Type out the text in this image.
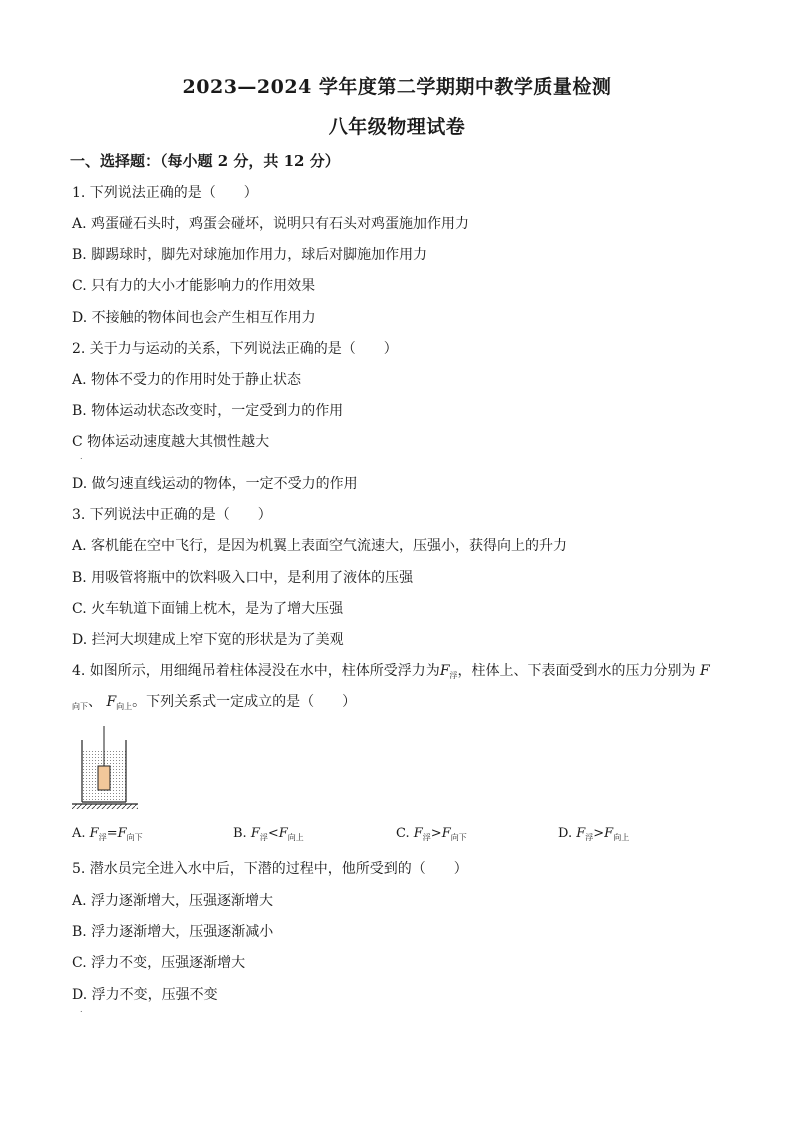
2023—2024 学年度第二学期期中教学质量检测
八年级物理试卷
一、选择题：（每小题 2 分，共 12 分）
1. 下列说法正确的是（　　）
A. 鸡蛋碰石头时，鸡蛋会碰坏，说明只有石头对鸡蛋施加作用力
B. 脚踢球时，脚先对球施加作用力，球后对脚施加作用力
C. 只有力的大小才能影响力的作用效果
D. 不接触的物体间也会产生相互作用力
2. 关于力与运动的关系，下列说法正确的是（　　）
A. 物体不受力的作用时处于静止状态
B. 物体运动状态改变时，一定受到力的作用
C 物体运动速度越大其惯性越大
.
D. 做匀速直线运动的物体，一定不受力的作用
3. 下列说法中正确的是（　　）
A. 客机能在空中飞行，是因为机翼上表面空气流速大，压强小，获得向上的升力
B. 用吸管将瓶中的饮料吸入口中，是利用了液体的压强
C. 火车轨道下面铺上枕木，是为了增大压强
D. 拦河大坝建成上窄下宽的形状是为了美观
4. 如图所示，用细绳吊着柱体浸没在水中，柱体所受浮力为$F_浮$，柱体上、下表面受到水的压力分别为 F
$_{向下}$、 $F_{向上}$。下列关系式一定成立的是（　　）
A. $F_浮=F_{向下}$	B. $F_浮<F_{向上}$	C. $F_浮>F_{向下}$	D. $F_浮>F_{向上}$
5. 潜水员完全进入水中后，下潜的过程中，他所受到的（　　）
A. 浮力逐渐增大，压强逐渐增大
B. 浮力逐渐增大，压强逐渐减小
C. 浮力不变，压强逐渐增大
D. 浮力不变，压强不变
.
